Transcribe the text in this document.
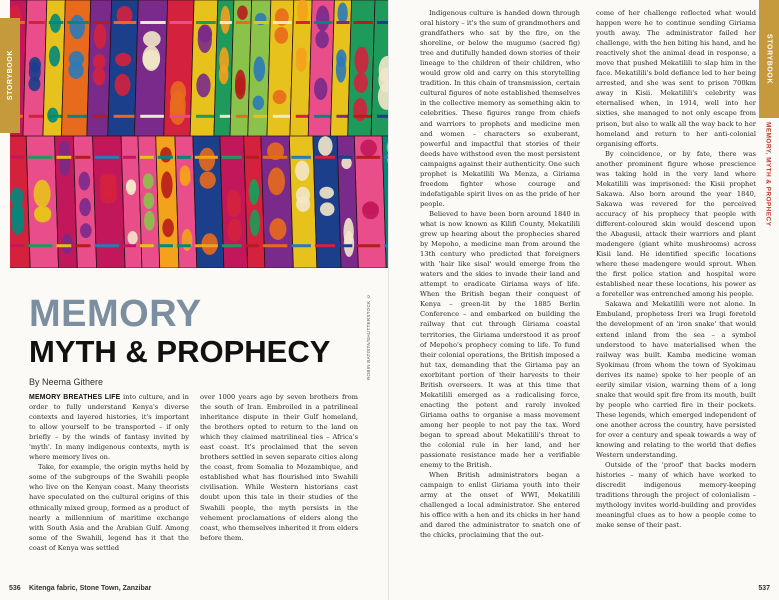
STORYBOOK
ROBIN BATISTA/SHUTTERSTOCK ©
MEMORY
MYTH & PROPHECY
By Neema Githere

MEMORY BREATHES LIFE into culture, and in order to fully understand Kenya's diverse contexts and layered histories, it's important to allow yourself to be transported – if only briefly – by the winds of fantasy invited by 'myth'. In many indigenous contexts, myth is where memory lives on.

Take, for example, the origin myths held by some of the subgroups of the Swahili people who live on the Kenyan coast. Many theorists have speculated on the cultural origins of this ethnically mixed group, formed as a product of nearly a millennium of maritime exchange with South Asia and the Arabian Gulf. Among some of the Swahili, legend has it that the coast of Kenya was settled

over 1000 years ago by seven brothers from the south of Iran. Embroiled in a patrilineal inheritance dispute in their Gulf homeland, the brothers opted to return to the land on which they claimed matrilineal ties – Africa's east coast. It's proclaimed that the seven brothers settled in seven separate cities along the coast, from Somalia to Mozambique, and established what has flourished into Swahili civilisation. While Western historians cast doubt upon this tale in their studies of the Swahili people, the myth persists in the vehement proclamations of elders along the coast, who themselves inherited it from elders before them.

536 Kitenga fabric, Stone Town, Zanzibar
STORYBOOK
MEMORY, MYTH & PROPHECY
537

Indigenous culture is handed down through oral history – it's the sum of grandmothers and grandfathers who sat by the fire, on the shoreline, or below the mugumo (sacred fig) tree and dutifully handed down stories of their lineage to the children of their children, who would grow old and carry on this storytelling tradition. In this chain of transmission, certain cultural figures of note established themselves in the collective memory as something akin to celebrities. These figures range from chiefs and warriors to prophets and medicine men and women – characters so exuberant, powerful and impactful that stories of their deeds have withstood even the most persistent campaigns against their authenticity. One such prophet is Mekatilili Wa Menza, a Giriama freedom fighter whose courage and indefatigable spirit lives on as the pride of her people.

Believed to have been born around 1840 in what is now known as Kilifi County, Mekatilili grew up hearing about the prophecies shared by Mepoho, a medicine man from around the 13th century who predicted that foreigners with 'hair like sisal' would emerge from the waters and the skies to invade their land and attempt to eradicate Giriama ways of life. When the British began their conquest of Kenya – green-lit by the 1885 Berlin Conference – and embarked on building the railway that cut through Giriama coastal territories, the Giriama understood it as proof of Mepoho's prophecy coming to life. To fund their colonial operations, the British imposed a hut tax, demanding that the Giriama pay an exorbitant portion of their harvests to their British overseers. It was at this time that Mekatilili emerged as a radicalising force, enacting the potent and rarely invoked Giriama oaths to organise a mass movement among her people to not pay the tax. Word began to spread about Mekatilili's threat to the colonial rule in her land, and her passionate resistance made her a verifiable enemy to the British.

When British administrators began a campaign to enlist Giriama youth into their army at the onset of WWI, Mekatilili challenged a local administrator. She entered his office with a hen and its chicks in her hand and dared the administrator to snatch one of the chicks, proclaiming that the out-

come of her challenge reflected what would happen were he to continue sending Giriama youth away. The administrator failed her challenge, with the hen biting his hand, and he reactively shot the animal dead in response, a move that pushed Mekatilili to slap him in the face. Mekatilili's bold defiance led to her being arrested, and she was sent to prison 700km away in Kisii. Mekatilili's celebrity was eternalised when, in 1914, well into her sixties, she managed to not only escape from prison, but also to walk all the way back to her homeland and return to her anti-colonial organising efforts.

By coincidence, or by fate, there was another prominent figure whose prescience was taking hold in the very land where Mekatilili was imprisoned: the Kisii prophet Sakawa. Also born around the year 1840, Sakawa was revered for the perceived accuracy of his prophecy that people with different-coloured skin would descend upon the Abagusii, attack their warriors and plant madengere (giant white mushrooms) across Kisii land. He identified specific locations where these madengere would sprout. When the first police station and hospital were established near these locations, his power as a foreteller was entrenched among his people.

Sakawa and Mekatilili were not alone. In Embuland, prophetess Ireri wa Irugi foretold the development of an 'iron snake' that would extend inland from the sea – a symbol understood to have materialised when the railway was built. Kamba medicine woman Syokimau (from whom the town of Syokimau derives its name) spoke to her people of an eerily similar vision, warning them of a long snake that would spit fire from its mouth, built by people who carried fire in their pockets. These legends, which emerged independent of one another across the country, have persisted for over a century and speak towards a way of knowing and relating to the world that defies Western understanding.

Outside of the 'proof' that backs modern histories – many of which have worked to discredit indigenous memory-keeping traditions through the project of colonialism – mythology invites world-building and provides meaningful clues as to how a people come to make sense of their past.
